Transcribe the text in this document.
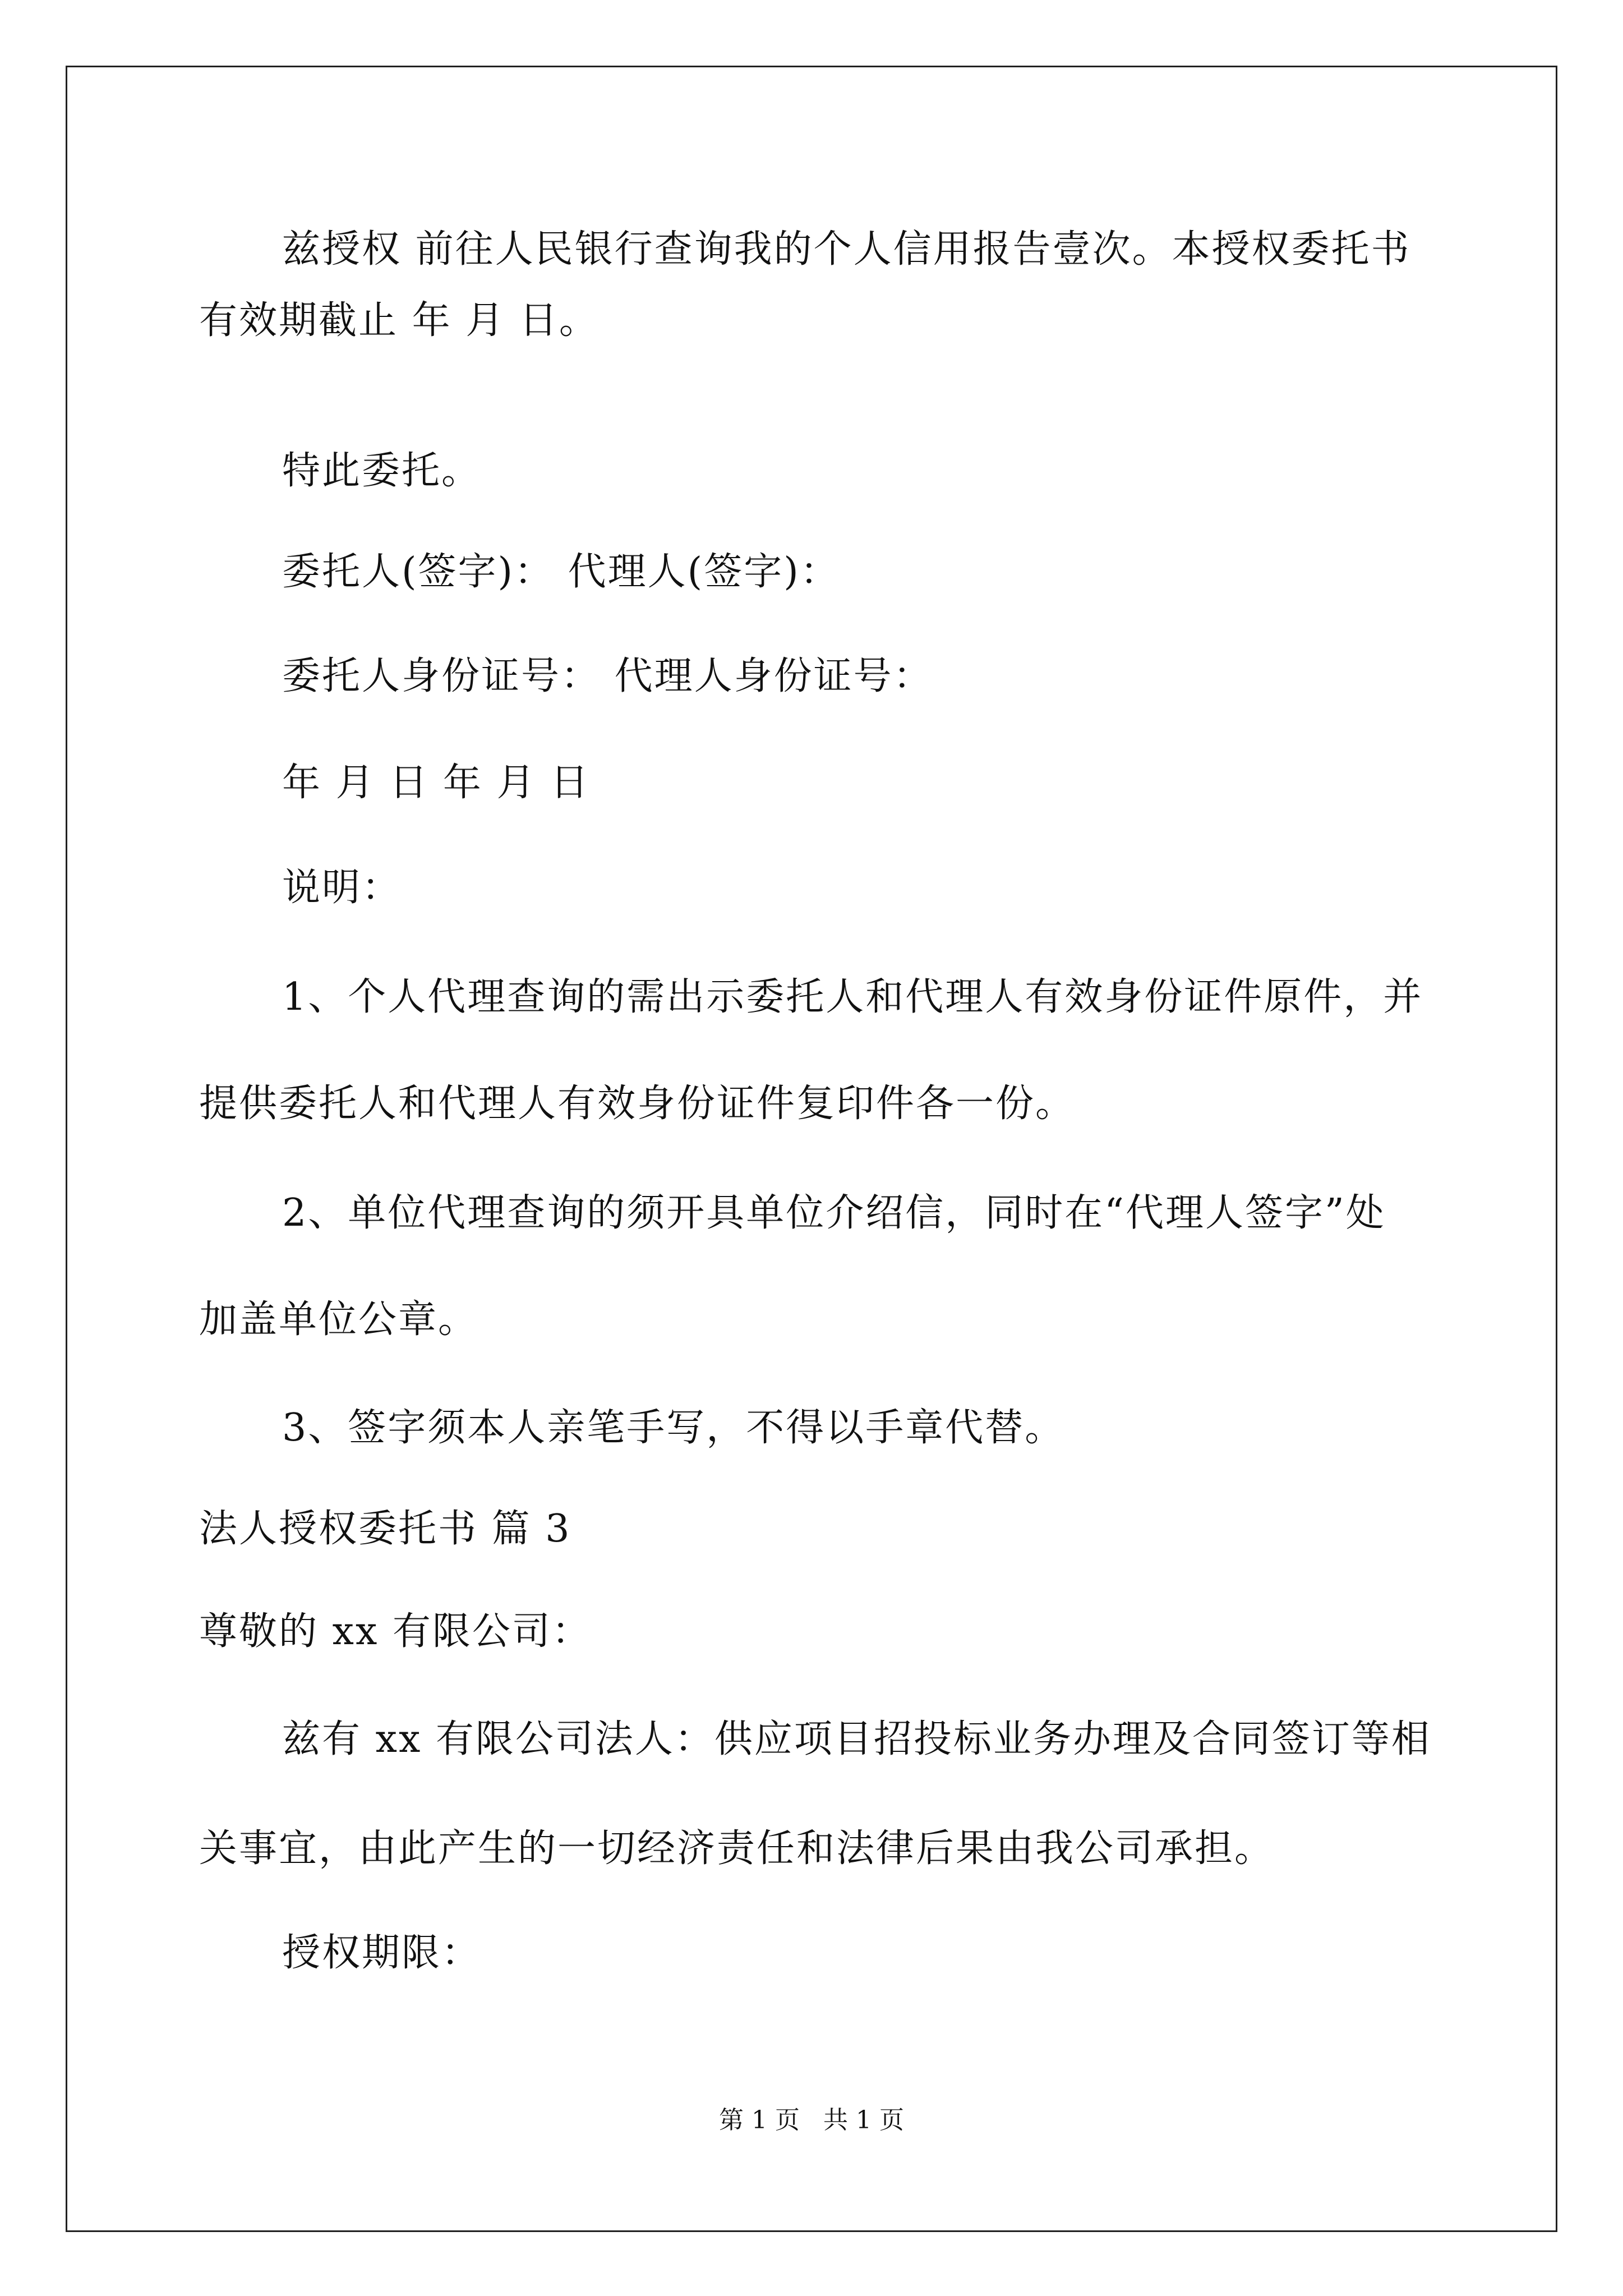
兹授权 前往人民银行查询我的个人信用报告壹次。本授权委托书
有效期截止 年 月 日。
特此委托。
委托人(签字)： 代理人(签字)：
委托人身份证号： 代理人身份证号：
年 月 日 年 月 日
说明：
1、个人代理查询的需出示委托人和代理人有效身份证件原件，并
提供委托人和代理人有效身份证件复印件各一份。
2、单位代理查询的须开具单位介绍信，同时在“代理人签字”处
加盖单位公章。
3、签字须本人亲笔手写，不得以手章代替。
法人授权委托书 篇 3
尊敬的 xx 有限公司：
兹有 xx 有限公司法人：供应项目招投标业务办理及合同签订等相
关事宜，由此产生的一切经济责任和法律后果由我公司承担。
授权期限：
第 1 页   共 1 页
